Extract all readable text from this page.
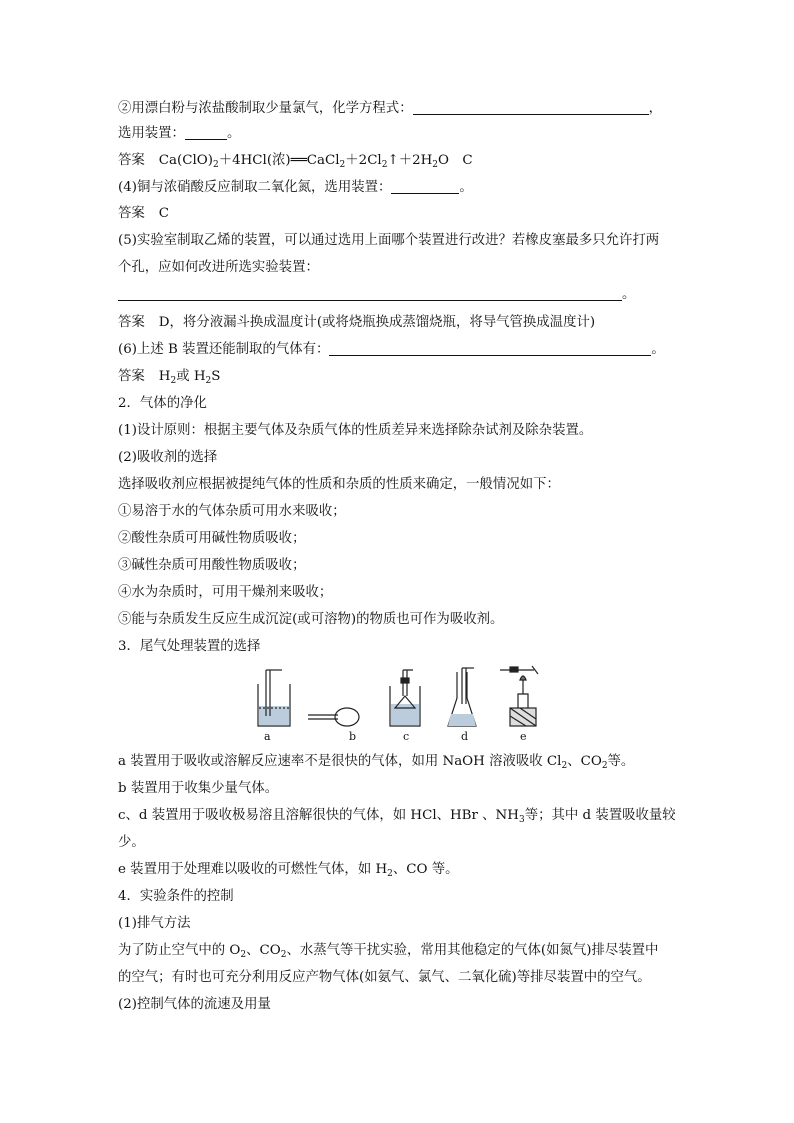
②用漂白粉与浓盐酸制取少量氯气，化学方程式：	，
选用装置：	。
答案 $Ca(ClO)_2+4HCl$(浓)$══CaCl_2+2Cl_2↑+2H_2O$　C
(4)铜与浓硝酸反应制取二氧化氮，选用装置：	。
答案 C
(5)实验室制取乙烯的装置，可以通过选用上面哪个装置进行改进？若橡皮塞最多只允许打两
个孔，应如何改进所选实验装置：
。
答案 D，将分液漏斗换成温度计(或将烧瓶换成蒸馏烧瓶，将导气管换成温度计)
(6)上述 B 装置还能制取的气体有：	。
答案 $H_2$或 $H_2S$
2．气体的净化
(1)设计原则：根据主要气体及杂质气体的性质差异来选择除杂试剂及除杂装置。
(2)吸收剂的选择
选择吸收剂应根据被提纯气体的性质和杂质的性质来确定，一般情况如下：
①易溶于水的气体杂质可用水来吸收；
②酸性杂质可用碱性物质吸收；
③碱性杂质可用酸性物质吸收；
④水为杂质时，可用干燥剂来吸收；
⑤能与杂质发生反应生成沉淀(或可溶物)的物质也可作为吸收剂。
3．尾气处理装置的选择
a	b	c	d	e
a 装置用于吸收或溶解反应速率不是很快的气体，如用 NaOH 溶液吸收 $Cl_2$、$CO_2$等。
b 装置用于收集少量气体。
c、d 装置用于吸收极易溶且溶解很快的气体，如 HCl、HBr 、$NH_3$等；其中 d 装置吸收量较
少。
e 装置用于处理难以吸收的可燃性气体，如 $H_2$、CO 等。
4．实验条件的控制
(1)排气方法
为了防止空气中的 $O_2$、$CO_2$、水蒸气等干扰实验，常用其他稳定的气体(如氮气)排尽装置中
的空气；有时也可充分利用反应产物气体(如氨气、氯气、二氧化硫)等排尽装置中的空气。
(2)控制气体的流速及用量
